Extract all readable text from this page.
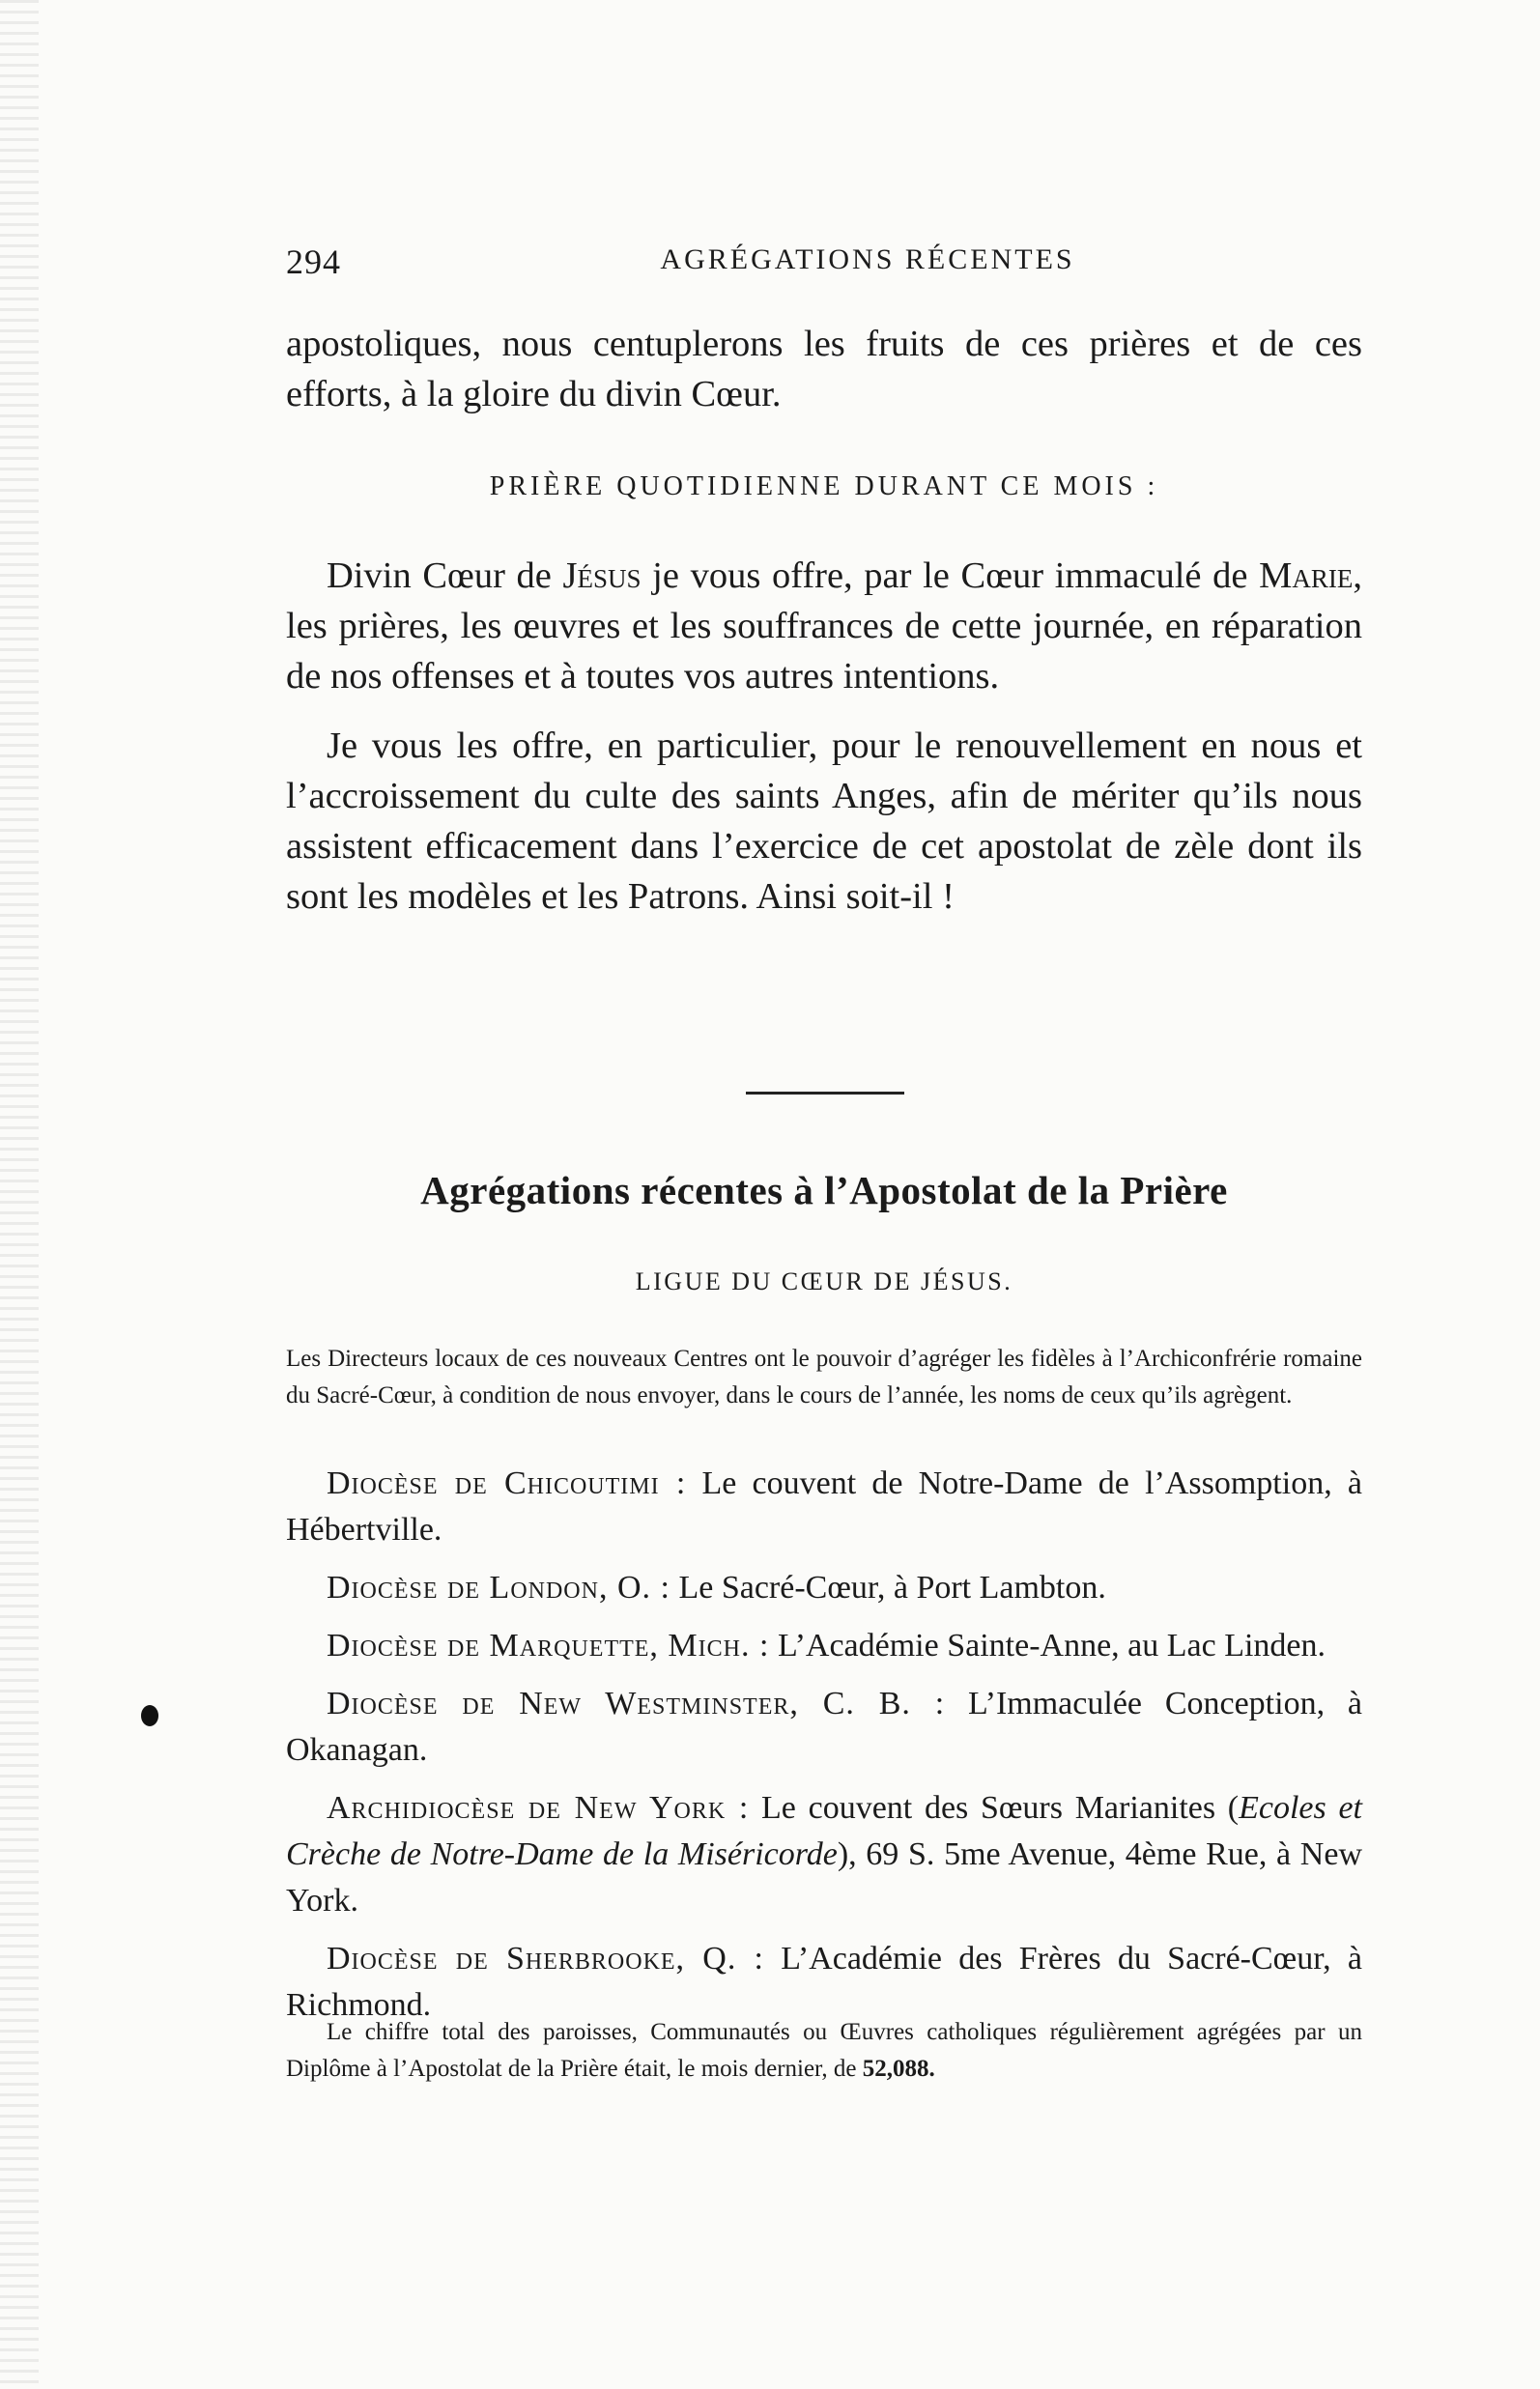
294	AGRÉGATIONS RÉCENTES

apostoliques, nous centuplerons les fruits de ces prières et de ces efforts, à la gloire du divin Cœur.

PRIÈRE QUOTIDIENNE DURANT CE MOIS :

Divin Cœur de Jésus je vous offre, par le Cœur immaculé de Marie, les prières, les œuvres et les souffrances de cette journée, en réparation de nos offenses et à toutes vos autres intentions.

Je vous les offre, en particulier, pour le renouvellement en nous et l’accroissement du culte des saints Anges, afin de mériter qu’ils nous assistent efficacement dans l’exercice de cet apostolat de zèle dont ils sont les modèles et les Patrons. Ainsi soit-il !

Agrégations récentes à l’Apostolat de la Prière
LIGUE DU CŒUR DE JÉSUS.

Les Directeurs locaux de ces nouveaux Centres ont le pouvoir d’agréger les fidèles à l’Archiconfrérie romaine du Sacré-Cœur, à condition de nous envoyer, dans le cours de l’année, les noms de ceux qu’ils agrègent.

Diocèse de Chicoutimi : Le couvent de Notre-Dame de l’Assomption, à Hébertville.

Diocèse de London, O. : Le Sacré-Cœur, à Port Lambton.

Diocèse de Marquette, Mich. : L’Académie Sainte-Anne, au Lac Linden.

Diocèse de New Westminster, C. B. : L’Immaculée Conception, à Okanagan.

Archidiocèse de New York : Le couvent des Sœurs Marianites (Ecoles et Crèche de Notre-Dame de la Miséricorde), 69 S. 5me Avenue, 4ème Rue, à New York.

Diocèse de Sherbrooke, Q. : L’Académie des Frères du Sacré-Cœur, à Richmond.

Le chiffre total des paroisses, Communautés ou Œuvres catholiques régulièrement agrégées par un Diplôme à l’Apostolat de la Prière était, le mois dernier, de 52,088.
